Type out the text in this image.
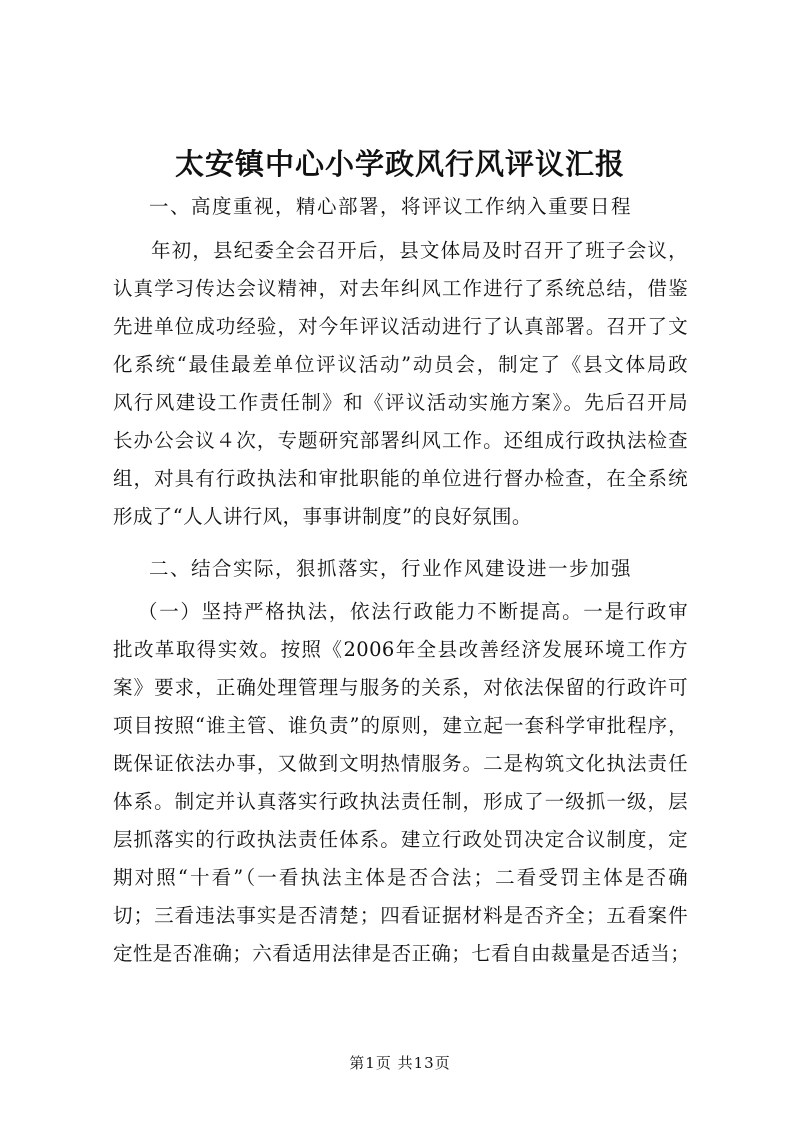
太安镇中心小学政风行风评议汇报
一、高度重视，精心部署，将评议工作纳入重要日程
年初，县纪委全会召开后，县文体局及时召开了班子会议，
认真学习传达会议精神，对去年纠风工作进行了系统总结，借鉴
先进单位成功经验，对今年评议活动进行了认真部署。召开了文
化系统“最佳最差单位评议活动”动员会，制定了《县文体局政
风行风建设工作责任制》和《评议活动实施方案》。先后召开局
长办公会议４次，专题研究部署纠风工作。还组成行政执法检查
组，对具有行政执法和审批职能的单位进行督办检查，在全系统
形成了“人人讲行风，事事讲制度”的良好氛围。
二、结合实际，狠抓落实，行业作风建设进一步加强
（一）坚持严格执法，依法行政能力不断提高。一是行政审
批改革取得实效。按照《2006年全县改善经济发展环境工作方
案》要求，正确处理管理与服务的关系，对依法保留的行政许可
项目按照“谁主管、谁负责”的原则，建立起一套科学审批程序，
既保证依法办事，又做到文明热情服务。二是构筑文化执法责任
体系。制定并认真落实行政执法责任制，形成了一级抓一级，层
层抓落实的行政执法责任体系。建立行政处罚决定合议制度，定
期对照“十看”（一看执法主体是否合法；二看受罚主体是否确
切；三看违法事实是否清楚；四看证据材料是否齐全；五看案件
定性是否准确；六看适用法律是否正确；七看自由裁量是否适当；
第1页 共13页
